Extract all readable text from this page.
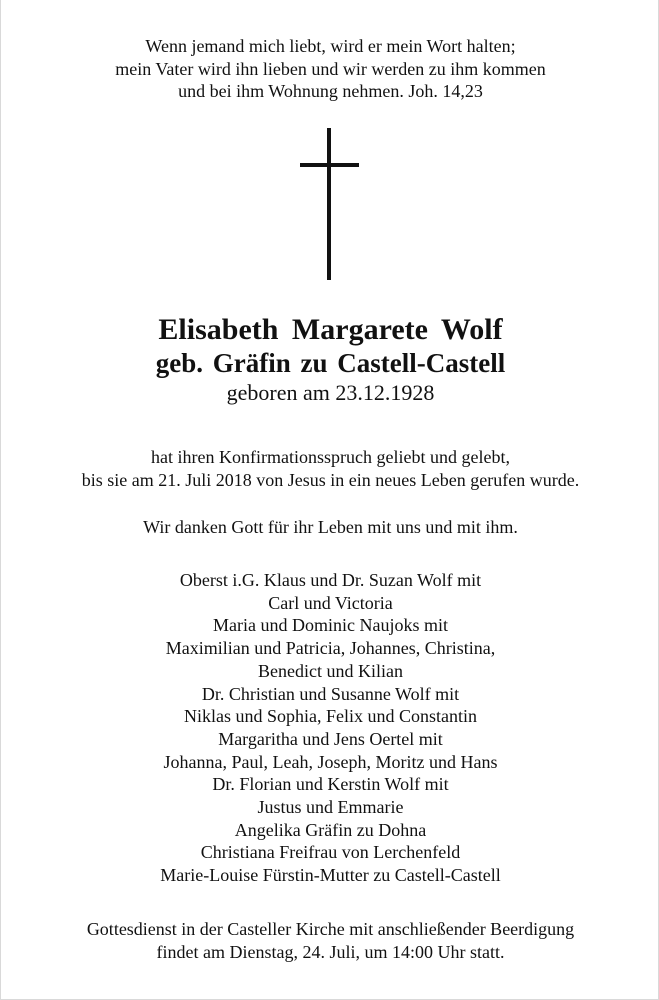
Wenn jemand mich liebt, wird er mein Wort halten;
mein Vater wird ihn lieben und wir werden zu ihm kommen
und bei ihm Wohnung nehmen. Joh. 14,23
Elisabeth Margarete Wolf
geb. Gräfin zu Castell-Castell
geboren am 23.12.1928
hat ihren Konfirmationsspruch geliebt und gelebt,
bis sie am 21. Juli 2018 von Jesus in ein neues Leben gerufen wurde.
Wir danken Gott für ihr Leben mit uns und mit ihm.
Oberst i.G. Klaus und Dr. Suzan Wolf mit
Carl und Victoria
Maria und Dominic Naujoks mit
Maximilian und Patricia, Johannes, Christina,
Benedict und Kilian
Dr. Christian und Susanne Wolf mit
Niklas und Sophia, Felix und Constantin
Margaritha und Jens Oertel mit
Johanna, Paul, Leah, Joseph, Moritz und Hans
Dr. Florian und Kerstin Wolf mit
Justus und Emmarie
Angelika Gräfin zu Dohna
Christiana Freifrau von Lerchenfeld
Marie-Louise Fürstin-Mutter zu Castell-Castell
Gottesdienst in der Casteller Kirche mit anschließender Beerdigung
findet am Dienstag, 24. Juli, um 14:00 Uhr statt.
